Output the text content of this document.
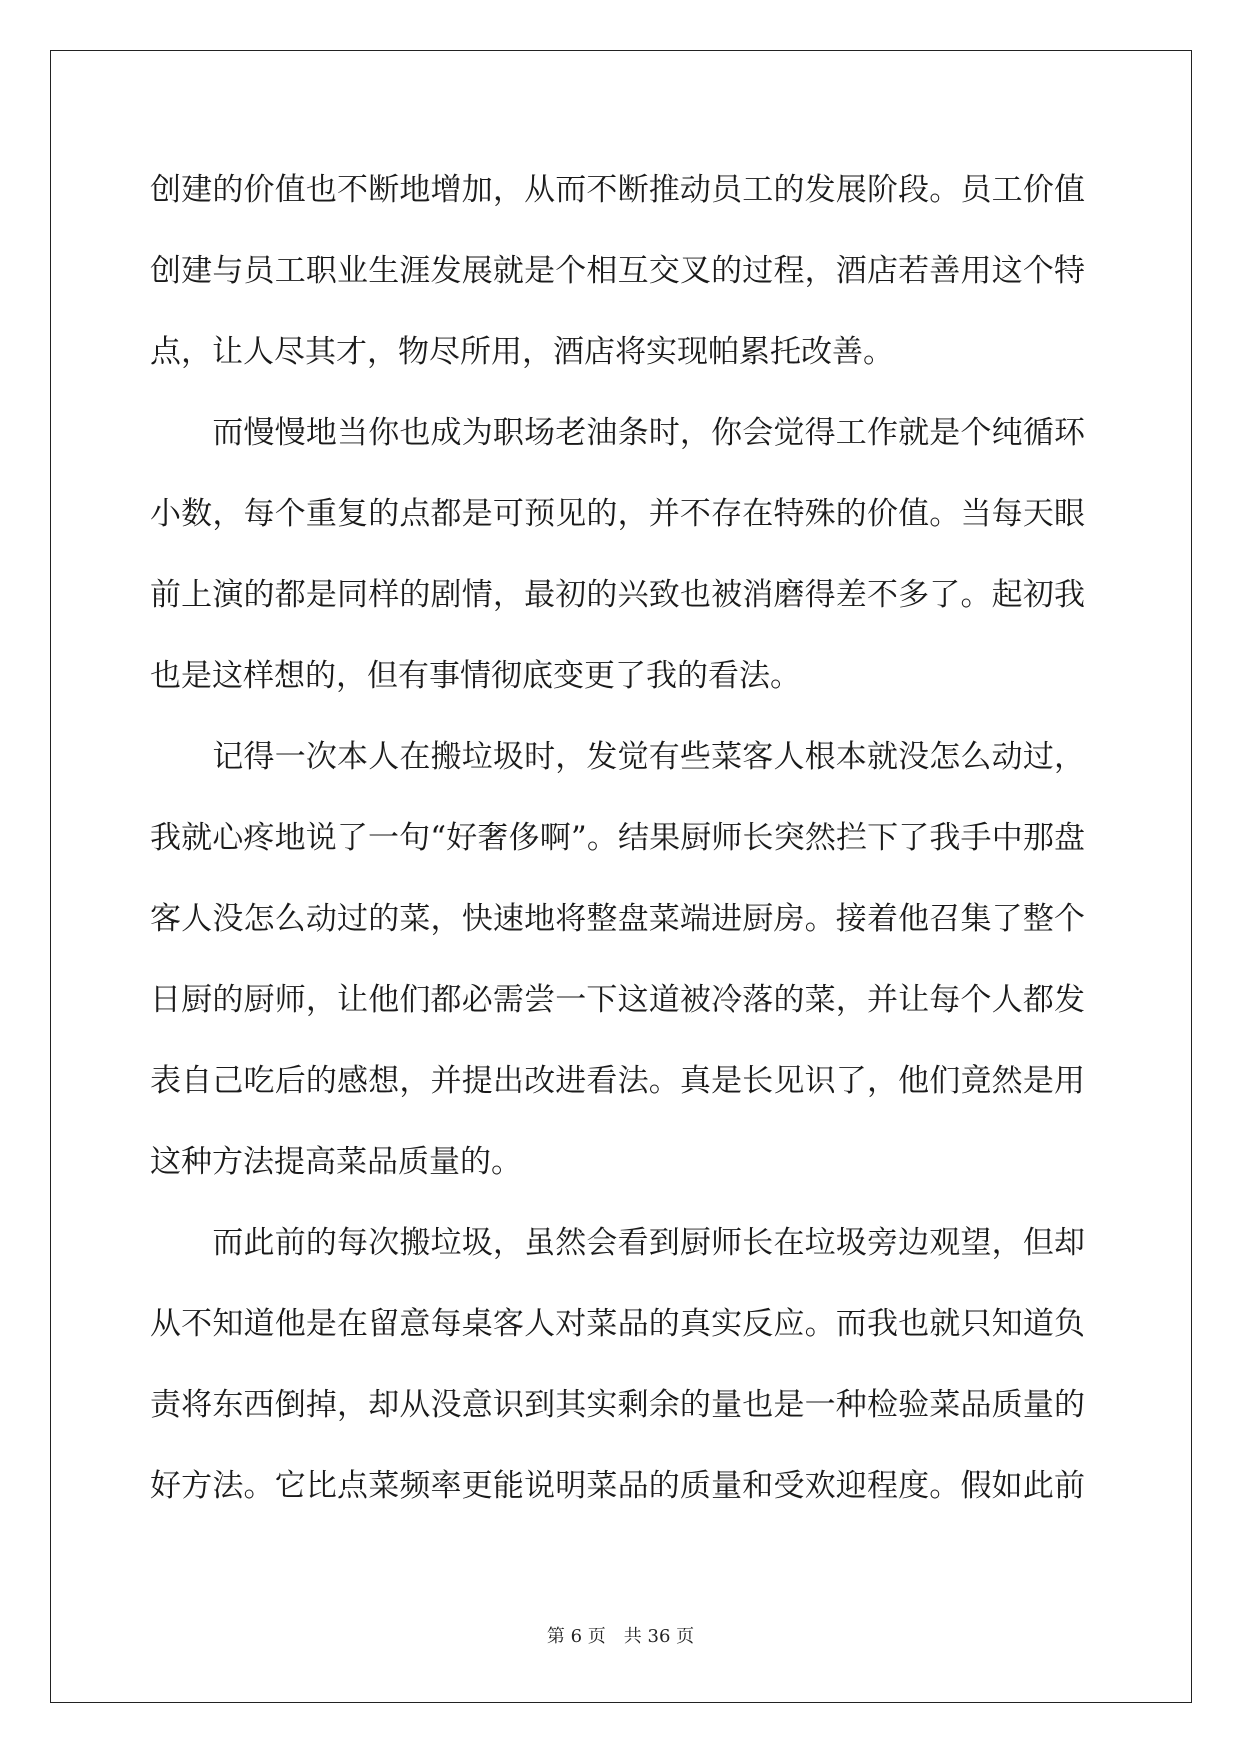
创建的价值也不断地增加，从而不断推动员工的发展阶段。员工价值
创建与员工职业生涯发展就是个相互交叉的过程，酒店若善用这个特
点，让人尽其才，物尽所用，酒店将实现帕累托改善。
　　而慢慢地当你也成为职场老油条时，你会觉得工作就是个纯循环
小数，每个重复的点都是可预见的，并不存在特殊的价值。当每天眼
前上演的都是同样的剧情，最初的兴致也被消磨得差不多了。起初我
也是这样想的，但有事情彻底变更了我的看法。
　　记得一次本人在搬垃圾时，发觉有些菜客人根本就没怎么动过，
我就心疼地说了一句“好奢侈啊”。结果厨师长突然拦下了我手中那盘
客人没怎么动过的菜，快速地将整盘菜端进厨房。接着他召集了整个
日厨的厨师，让他们都必需尝一下这道被冷落的菜，并让每个人都发
表自己吃后的感想，并提出改进看法。真是长见识了，他们竟然是用
这种方法提高菜品质量的。
　　而此前的每次搬垃圾，虽然会看到厨师长在垃圾旁边观望，但却
从不知道他是在留意每桌客人对菜品的真实反应。而我也就只知道负
责将东西倒掉，却从没意识到其实剩余的量也是一种检验菜品质量的
好方法。它比点菜频率更能说明菜品的质量和受欢迎程度。假如此前
第 6 页 共 36 页
